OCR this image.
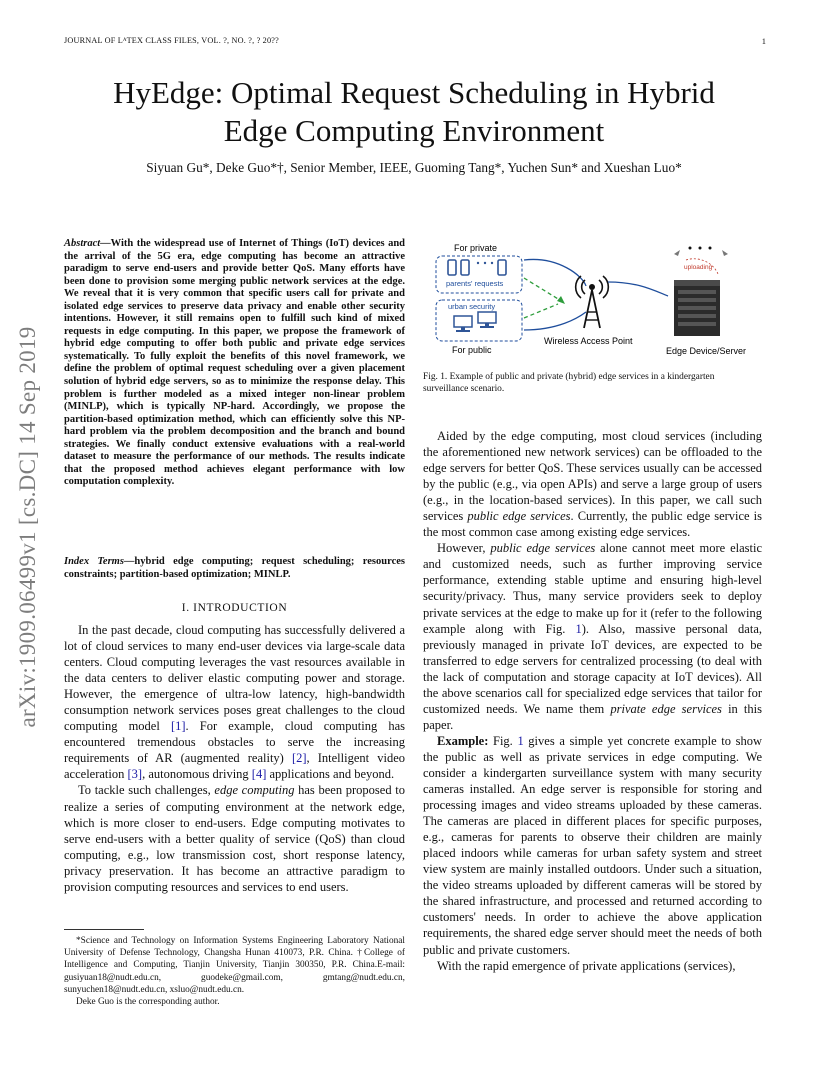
JOURNAL OF LᴬTEX CLASS FILES, VOL. ?, NO. ?, ? 20??	1
arXiv:1909.06499v1 [cs.DC] 14 Sep 2019
HyEdge: Optimal Request Scheduling in Hybrid
Edge Computing Environment
Siyuan Gu*, Deke Guo*†, Senior Member, IEEE, Guoming Tang*, Yuchen Sun* and Xueshan Luo*
Abstract—With the widespread use of Internet of Things (IoT) devices and the arrival of the 5G era, edge computing has become an attractive paradigm to serve end-users and provide better QoS. Many efforts have been done to provision some merging public network services at the edge. We reveal that it is very common that specific users call for private and isolated edge services to preserve data privacy and enable other security intentions. However, it still remains open to fulfill such kind of mixed requests in edge computing. In this paper, we propose the framework of hybrid edge computing to offer both public and private edge services systematically. To fully exploit the benefits of this novel framework, we define the problem of optimal request scheduling over a given placement solution of hybrid edge servers, so as to minimize the response delay. This problem is further modeled as a mixed integer non-linear problem (MINLP), which is typically NP-hard. Accordingly, we propose the partition-based optimization method, which can efficiently solve this NP-hard problem via the problem decomposition and the branch and bound strategies. We finally conduct extensive evaluations with a real-world dataset to measure the performance of our methods. The results indicate that the proposed method achieves elegant performance with low computation complexity.
Index Terms—hybrid edge computing; request scheduling; resources constraints; partition-based optimization; MINLP.
I. INTRODUCTION

In the past decade, cloud computing has successfully delivered a lot of cloud services to many end-user devices via large-scale data centers. Cloud computing leverages the vast resources available in the data centers to deliver elastic computing power and storage. However, the emergence of ultra-low latency, high-bandwidth consumption network services poses great challenges to the cloud computing model [1]. For example, cloud computing has encountered tremendous obstacles to serve the increasing requirements of AR (augmented reality) [2], Intelligent video acceleration [3], autonomous driving [4] applications and beyond.

To tackle such challenges, edge computing has been proposed to realize a series of computing environment at the network edge, which is more closer to end-users. Edge computing motivates to serve end-users with a better quality of service (QoS) than cloud computing, e.g., low transmission cost, short response latency, privacy preservation. It has become an attractive paradigm to provision computing resources and services to end users.

*Science and Technology on Information Systems Engineering Laboratory National University of Defense Technology, Changsha Hunan 410073, P.R. China. †College of Intelligence and Computing, Tianjin University, Tianjin 300350, P.R. China.E-mail: gusiyuan18@nudt.edu.cn, guodeke@gmail.com, gmtang@nudt.edu.cn, sunyuchen18@nudt.edu.cn, xsluo@nudt.edu.cn.
Deke Guo is the corresponding author.
For private
parents' requests
urban security
For public
Wireless Access Point
uploading
Edge Device/Server
Fig. 1. Example of public and private (hybrid) edge services in a kindergarten surveillance scenario.

Aided by the edge computing, most cloud services (including the aforementioned new network services) can be offloaded to the edge servers for better QoS. These services usually can be accessed by the public (e.g., via open APIs) and serve a large group of users (e.g., in the location-based services). In this paper, we call such services public edge services. Currently, the public edge service is the most common case among existing edge services.

However, public edge services alone cannot meet more elastic and customized needs, such as further improving service performance, extending stable uptime and ensuring high-level security/privacy. Thus, many service providers seek to deploy private services at the edge to make up for it (refer to the following example along with Fig. 1). Also, massive personal data, previously managed in private IoT devices, are expected to be transferred to edge servers for centralized processing (to deal with the lack of computation and storage capacity at IoT devices). All the above scenarios call for specialized edge services that tailor for customized needs. We name them private edge services in this paper.

Example: Fig. 1 gives a simple yet concrete example to show the public as well as private services in edge computing. We consider a kindergarten surveillance system with many security cameras installed. An edge server is responsible for storing and processing images and video streams uploaded by these cameras. The cameras are placed in different places for specific purposes, e.g., cameras for parents to observe their children are mainly placed indoors while cameras for urban safety system and street view system are mainly installed outdoors. Under such a situation, the video streams uploaded by different cameras will be stored by the shared infrastructure, and processed and returned according to customers' needs. In order to achieve the above application requirements, the shared edge server should meet the needs of both public and private customers.

With the rapid emergence of private applications (services),
